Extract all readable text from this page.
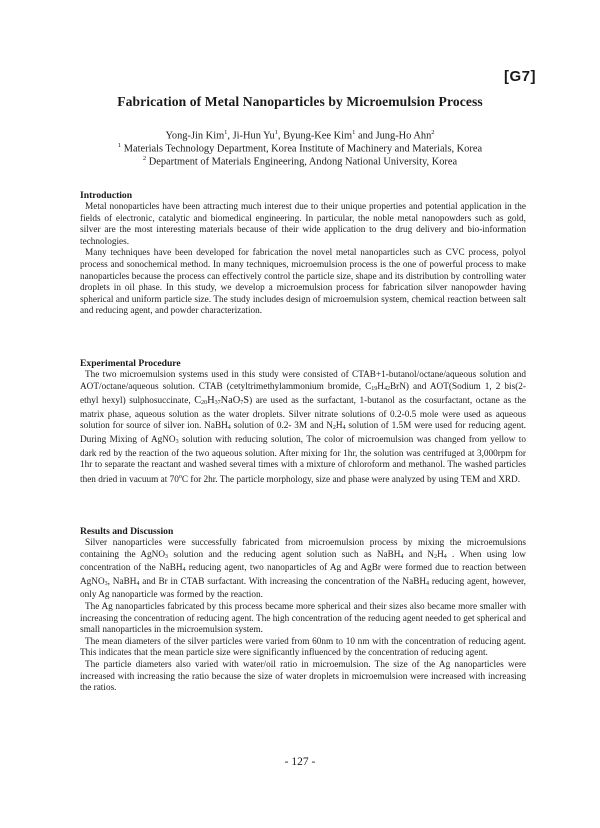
[G7]
Fabrication of Metal Nanoparticles by Microemulsion Process
Yong-Jin Kim$^1$, Ji-Hun Yu$^1$, Byung-Kee Kim$^1$ and Jung-Ho Ahn$^2$
$^1$ Materials Technology Department, Korea Institute of Machinery and Materials, Korea
$^2$ Department of Materials Engineering, Andong National University, Korea

Introduction

Metal nonoparticles have been attracting much interest due to their unique properties and potential application in the fields of electronic, catalytic and biomedical engineering. In particular, the noble metal nanopowders such as gold, silver are the most interesting materials because of their wide application to the drug delivery and bio-information technologies.

Many techniques have been developed for fabrication the novel metal nanoparticles such as CVC process, polyol process and sonochemical method. In many techniques, microemulsion process is the one of powerful process to make nanoparticles because the process can effectively control the particle size, shape and its distribution by controlling water droplets in oil phase. In this study, we develop a microemulsion process for fabrication silver nanopowder having spherical and uniform particle size. The study includes design of microemulsion system, chemical reaction between salt and reducing agent, and powder characterization.

Experimental Procedure

The two microemulsion systems used in this study were consisted of CTAB+1-butanol/octane/aqueous solution and AOT/octane/aqueous solution. CTAB (cetyltrimethylammonium bromide, $C_{19}H_{42}BrN$) and AOT(Sodium 1, 2 bis(2-ethyl hexyl) sulphosuccinate, $C_{20}H_{37}NaO_7S$) are used as the surfactant, 1-butanol as the cosurfactant, octane as the matrix phase, aqueous solution as the water droplets. Silver nitrate solutions of 0.2-0.5 mole were used as aqueous solution for source of silver ion. NaBH$_4$ solution of 0.2- 3M and $N_2H_4$ solution of 1.5M were used for reducing agent. During Mixing of AgNO$_3$ solution with reducing solution, The color of microemulsion was changed from yellow to dark red by the reaction of the two aqueous solution. After mixing for 1hr, the solution was centrifuged at 3,000rpm for 1hr to separate the reactant and washed several times with a mixture of chloroform and methanol. The washed particles then dried in vacuum at 70$^o$C for 2hr. The particle morphology, size and phase were analyzed by using TEM and XRD.

Results and Discussion

Silver nanoparticles were successfully fabricated from microemulsion process by mixing the microemulsions containing the AgNO$_3$ solution and the reducing agent solution such as NaBH$_4$ and $N_2H_4$ . When using low concentration of the NaBH$_4$ reducing agent, two nanoparticles of Ag and AgBr were formed due to reaction between AgNO$_3$, NaBH$_4$ and Br in CTAB surfactant. With increasing the concentration of the NaBH$_4$ reducing agent, however, only Ag nanoparticle was formed by the reaction.

The Ag nanoparticles fabricated by this process became more spherical and their sizes also became more smaller with increasing the concentration of reducing agent. The high concentration of the reducing agent needed to get spherical and small nanoparticles in the microemulsion system.

The mean diameters of the silver particles were varied from 60nm to 10 nm with the concentration of reducing agent. This indicates that the mean particle size were significantly influenced by the concentration of reducing agent.

The particle diameters also varied with water/oil ratio in microemulsion. The size of the Ag nanoparticles were increased with increasing the ratio because the size of water droplets in microemulsion were increased with increasing the ratios.

- 127 -
